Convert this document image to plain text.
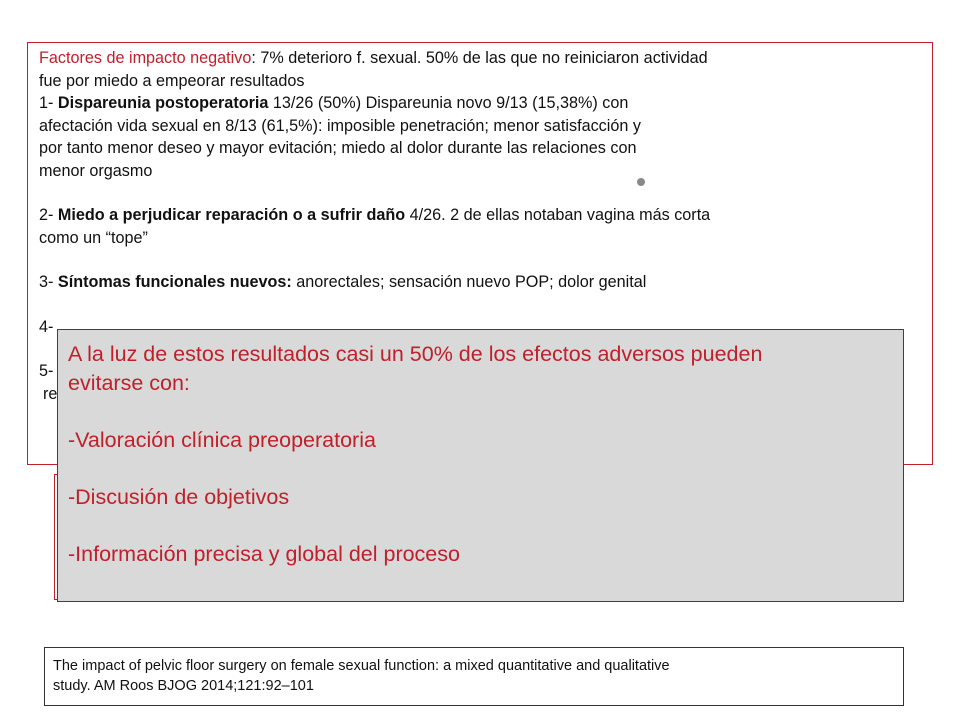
Factores de impacto negativo: 7% deterioro f. sexual. 50% de las que no reiniciaron actividad

fue por miedo a empeorar resultados

1- Dispareunia postoperatoria 13/26 (50%) Dispareunia novo 9/13 (15,38%) con

afectación vida sexual en 8/13 (61,5%): imposible penetración; menor satisfacción y

por tanto menor deseo y mayor evitación; miedo al dolor durante las relaciones con

menor orgasmo

2- Miedo a perjudicar reparación o a sufrir daño 4/26. 2 de ellas notaban vagina más corta

como un “tope”

3- Síntomas funcionales nuevos: anorectales; sensación nuevo POP; dolor genital

4-

5-

re

A la luz de estos resultados casi un 50% de los efectos adversos pueden

evitarse con:

-Valoración clínica preoperatoria

-Discusión de objetivos

-Información precisa y global del proceso

The impact of pelvic floor surgery on female sexual function: a mixed quantitative and qualitative
study. AM Roos BJOG 2014;121:92–101
